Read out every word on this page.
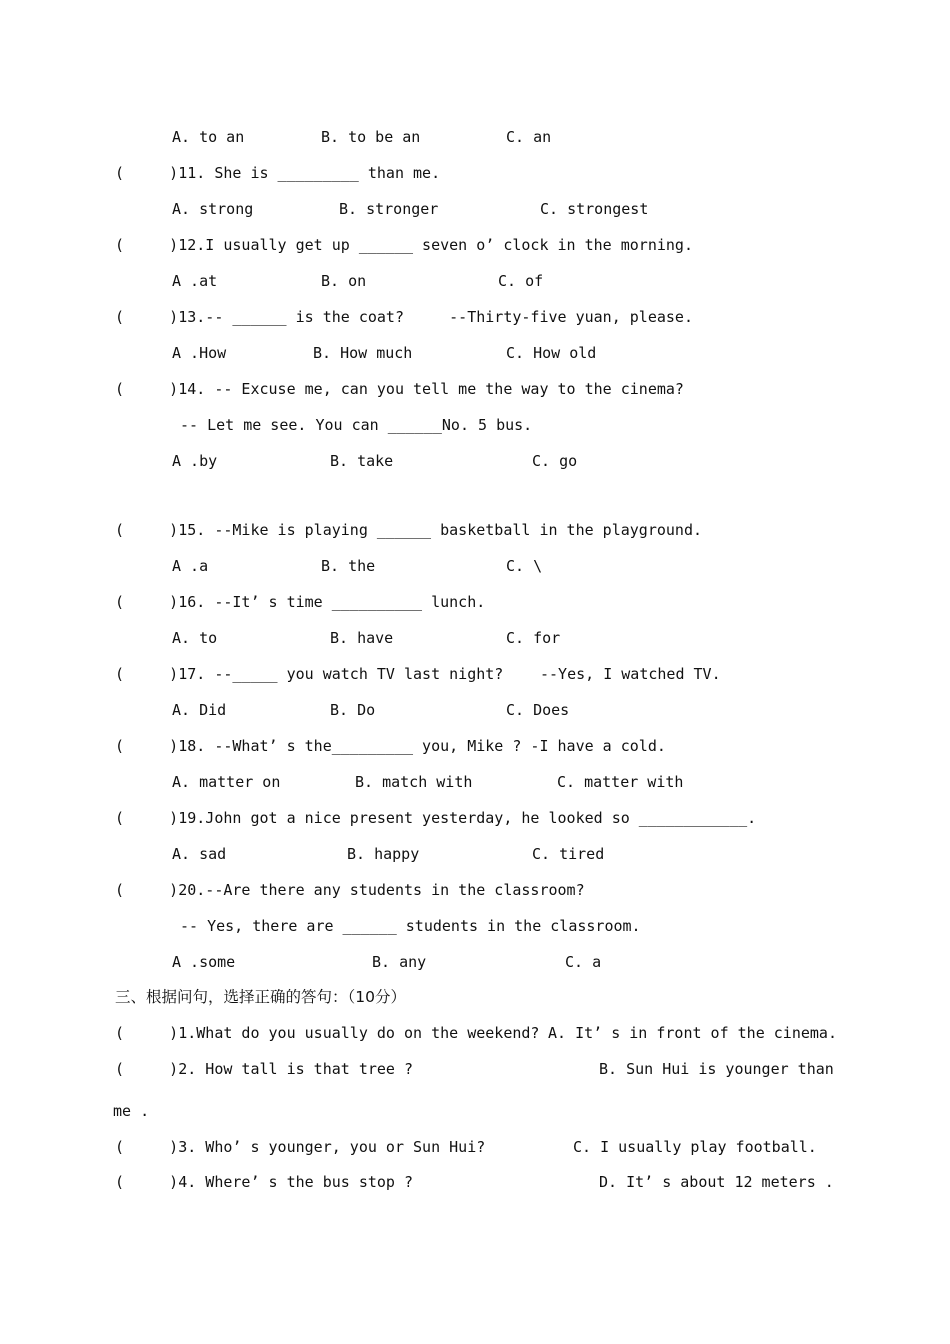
A. to an	B. to be an	C. an
(     )11. She is _________ than me.
A. strong	B. stronger	C. strongest
(     )12.I usually get up ______ seven o’ clock in the morning.
A .at	B. on	C. of
(     )13.-- ______ is the coat?     --Thirty-five yuan, please.
A .How	B. How much	C. How old
(     )14. -- Excuse me, can you tell me the way to the cinema?
-- Let me see. You can ______No. 5 bus.
A .by	B. take	C. go
(     )15. --Mike is playing ______ basketball in the playground.
A .a	B. the	C. \
(     )16. --It’ s time __________ lunch.
A. to	B. have	C. for
(     )17. --_____ you watch TV last night? --Yes, I watched TV.
A. Did	B. Do	C. Does
(     )18. --What’ s the_________ you, Mike ? -I have a cold.
A. matter on	B. match with	C. matter with
(     )19.John got a nice present yesterday, he looked so ____________.
A. sad	B. happy	C. tired
(     )20.--Are there any students in the classroom?
-- Yes, there are ______ students in the classroom.
A .some	B. any	C. a
三、根据问句，选择正确的答句：（10分）
(     )1.What do you usually do on the weekend? A. It’ s in front of the cinema.
(     )2. How tall is that tree ?	B. Sun Hui is younger than
me .
(     )3. Who’ s younger, you or Sun Hui?	C. I usually play football.
(     )4. Where’ s the bus stop ?	D. It’ s about 12 meters .
